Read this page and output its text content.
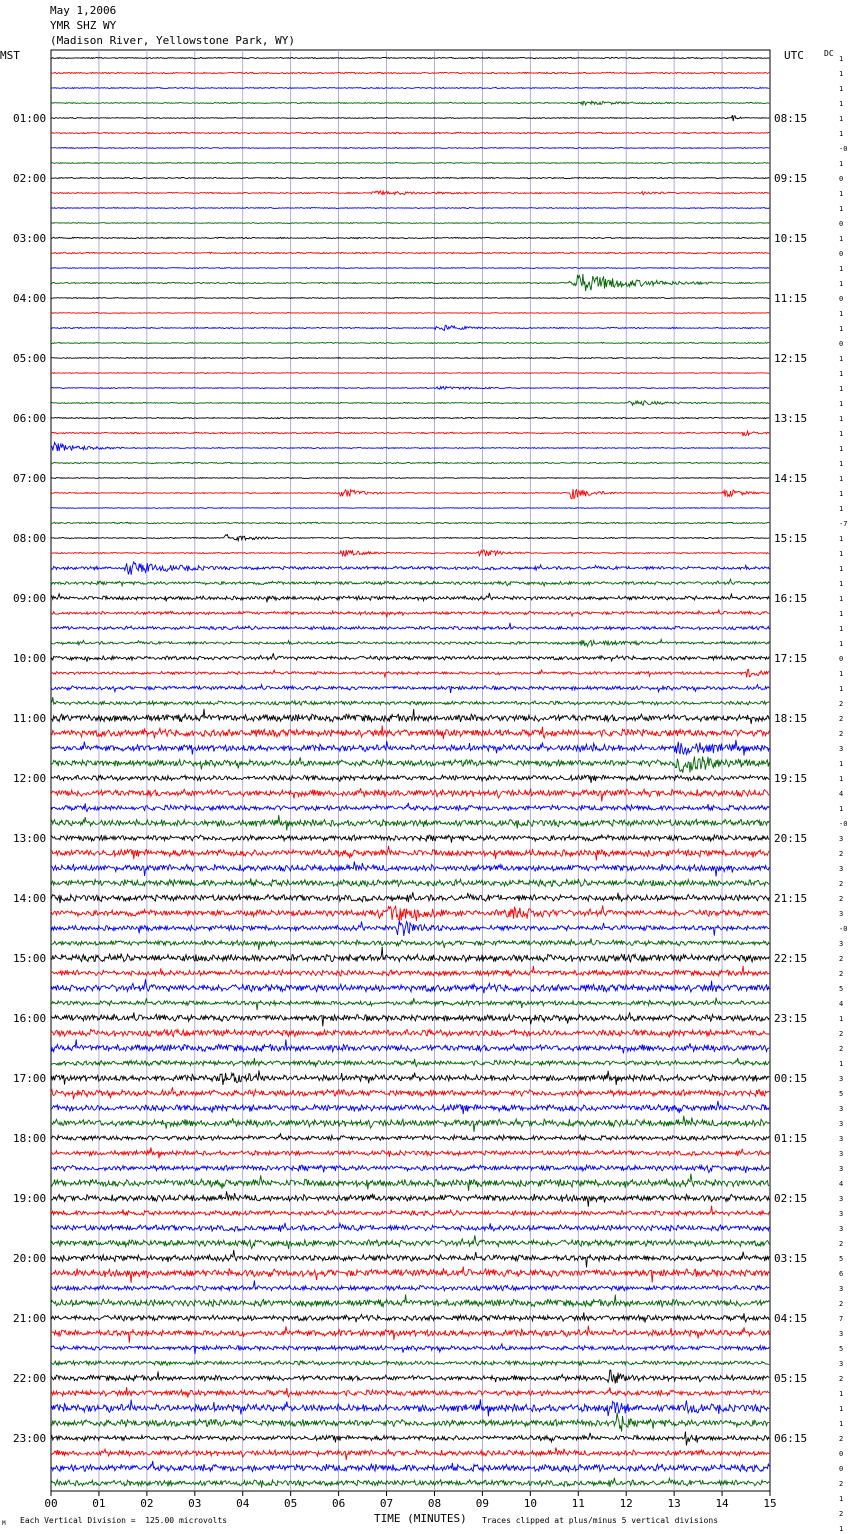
May 1,2006
YMR SHZ WY
(Madison River, Yellowstone Park, WY)
MST	UTC	DC
01:00
02:00
03:00
04:00
05:00
06:00
07:00
08:00
09:00
10:00
11:00
12:00
13:00
14:00
15:00
16:00
17:00
18:00
19:00
20:00
21:00
22:00
23:00
08:15
09:15
10:15
11:15
12:15
13:15
14:15
15:15
16:15
17:15
18:15
19:15
20:15
21:15
22:15
23:15
00:15
01:15
02:15
03:15
04:15
05:15
06:15
1
1
1
1
1
1
-0
1
0
1
1
0
1
0
1
1
0
1
1
0
1
1
1
1
1
1
1
1
1
1
1
-7
1
1
1
1
1
1
1
1
0
1
1
2
2
2
3
1
1
4
1
-0
3
2
3
2
2
3
-0
3
2
2
5
4
1
2
2
1
3
5
3
3
3
3
3
4
3
3
3
2
5
6
3
2
7
3
5
3
2
1
1
1
2
0
0
2
1
2
1
00	01	02	03	04	05	06	07	08	09	10	11	12	13	14	15
M Each Vertical Division =  125.00 microvolts	TIME (MINUTES) Traces clipped at plus/minus 5 vertical divisions
